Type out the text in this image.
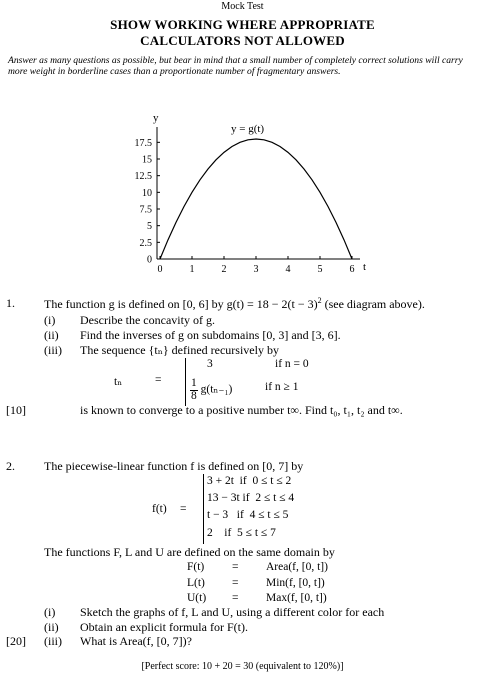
Mock Test
SHOW WORKING WHERE APPROPRIATE
CALCULATORS NOT ALLOWED
Answer as many questions as possible, but bear in mind that a small number of completely correct solutions will carry more weight in borderline cases than a proportionate number of fragmentary answers.
y
y = g(t)
t
0	1	2	3	4	5	6
0
2.5
5
7.5
10
12.5
15
17.5
1. The function g is defined on [0, 6] by $g(t) = 18 - 2(t - 3)^2$ (see diagram above).
(i) Describe the concavity of g.
(ii) Find the inverses of g on subdomains [0, 3] and [3, 6].
(iii) The sequence {tₙ} defined recursively by
tₙ	=
3	if n = 0
$\frac{1}{8} g(t_{n-1})$	if n ≥ 1
[10]	is known to converge to a positive number t∞. Find t₀, t₁, t₂ and t∞.
2. The piecewise-linear function f is defined on [0, 7] by
f(t) =
3 + 2t  if  0 ≤ t ≤ 2
13 − 3t if  2 ≤ t ≤ 4
t − 3   if  4 ≤ t ≤ 5
2    if  5 ≤ t ≤ 7
The functions F, L and U are defined on the same domain by
F(t) = Area(f, [0, t])
L(t) = Min(f, [0, t])
U(t) = Max(f, [0, t])
(i) Sketch the graphs of f, L and U, using a different color for each
(ii) Obtain an explicit formula for F(t).
[20] (iii) What is Area(f, [0, 7])?
[Perfect score: 10 + 20 = 30 (equivalent to 120%)]
